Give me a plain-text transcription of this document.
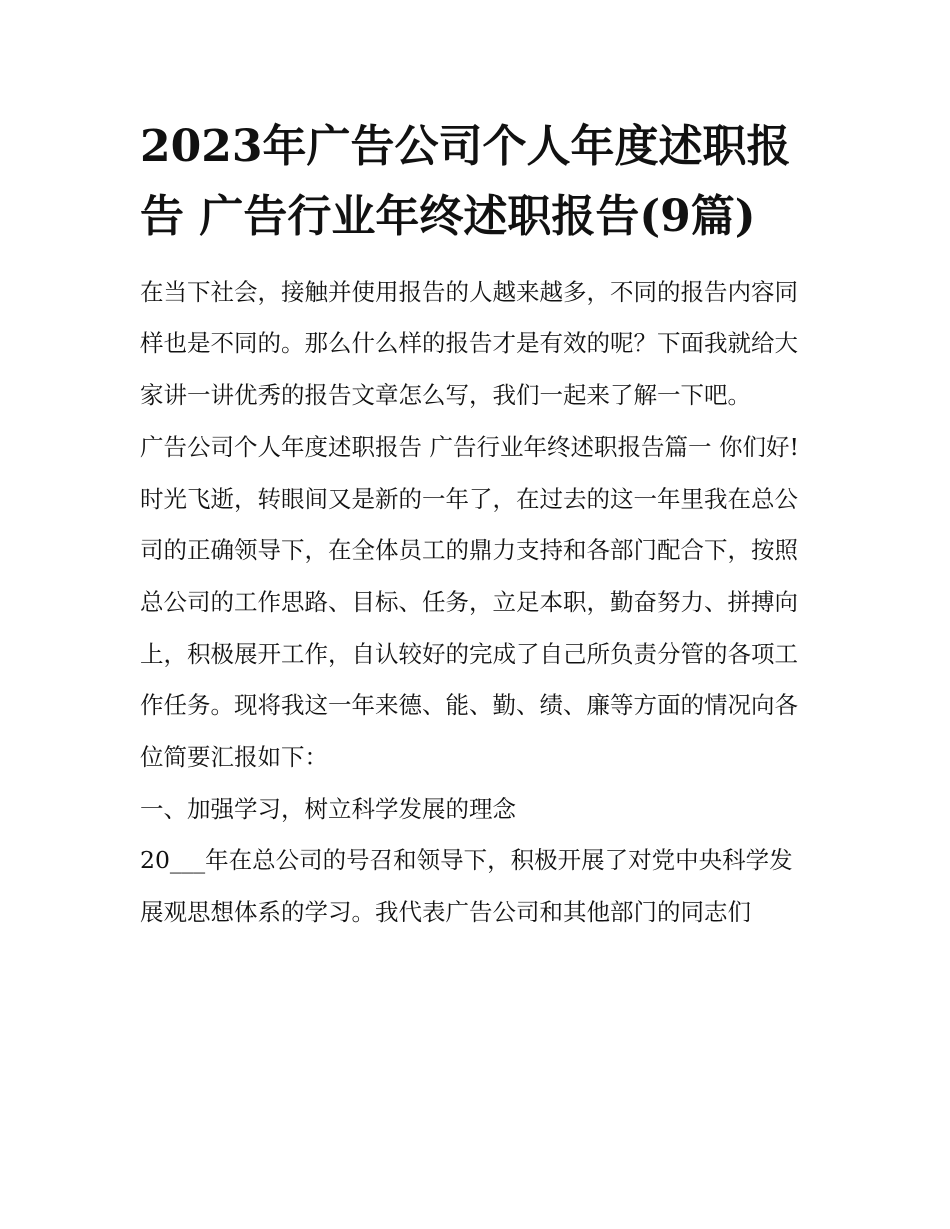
2023年广告公司个人年度述职报告 广告行业年终述职报告(9篇)

在当下社会，接触并使用报告的人越来越多，不同的报告内容同样也是不同的。那么什么样的报告才是有效的呢？下面我就给大家讲一讲优秀的报告文章怎么写，我们一起来了解一下吧。

广告公司个人年度述职报告 广告行业年终述职报告篇一 你们好!

时光飞逝，转眼间又是新的一年了，在过去的这一年里我在总公司的正确领导下，在全体员工的鼎力支持和各部门配合下，按照总公司的工作思路、目标、任务，立足本职，勤奋努力、拼搏向上，积极展开工作，自认较好的完成了自己所负责分管的各项工作任务。现将我这一年来德、能、勤、绩、廉等方面的情况向各位简要汇报如下：

一、加强学习，树立科学发展的理念

20___年在总公司的号召和领导下，积极开展了对党中央科学发展观思想体系的学习。我代表广告公司和其他部门的同志们
